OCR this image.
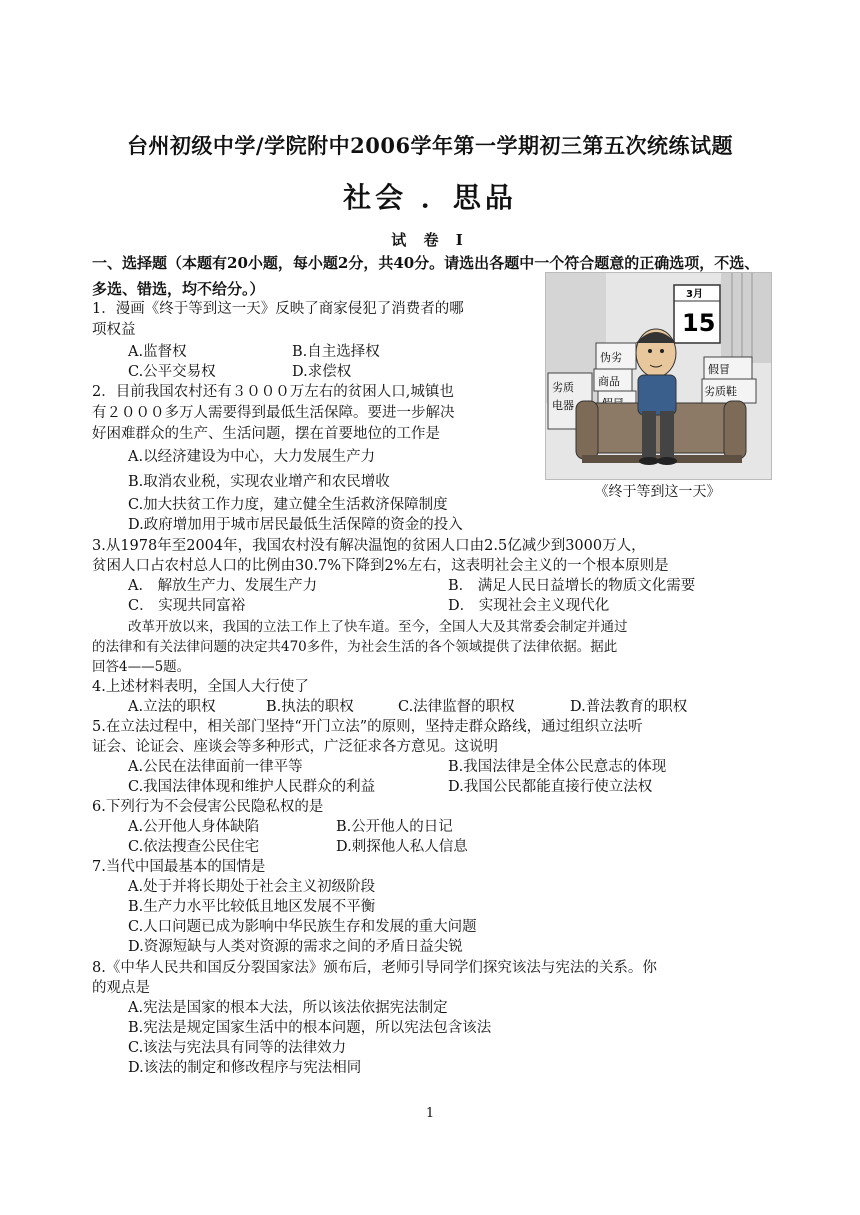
台州初级中学/学院附中2006学年第一学期初三第五次统练试题
社会 ．思品
试 卷 Ⅰ
一、选择题（本题有20小题，每小题2分，共40分。请选出各题中一个符合题意的正确选项，不选、多选、错选，均不给分。）	3月
15
伪劣
商品
劣质
电器
假冒
劣质鞋
《终于等到这一天》
1．漫画《终于等到这一天》反映了商家侵犯了消费者的哪
项权益
A.监督权	B.自主选择权
C.公平交易权	D.求偿权
2．目前我国农村还有３０００万左右的贫困人口,城镇也
有２０００多万人需要得到最低生活保障。要进一步解决
好困难群众的生产、生活问题，摆在首要地位的工作是
A.以经济建设为中心，大力发展生产力
B.取消农业税，实现农业增产和农民增收
C.加大扶贫工作力度，建立健全生活救济保障制度
D.政府增加用于城市居民最低生活保障的资金的投入
3.从1978年至2004年，我国农村没有解决温饱的贫困人口由2.5亿减少到3000万人，
贫困人口占农村总人口的比例由30.7%下降到2%左右，这表明社会主义的一个根本原则是
A． 解放生产力、发展生产力	B． 满足人民日益增长的物质文化需要
C． 实现共同富裕	D． 实现社会主义现代化
改革开放以来，我国的立法工作上了快车道。至今，全国人大及其常委会制定并通过
的法律和有关法律问题的决定共470多件，为社会生活的各个领域提供了法律依据。据此
回答4——5题。
4.上述材料表明，全国人大行使了
A.立法的职权	B.执法的职权	C.法律监督的职权	D.普法教育的职权
5.在立法过程中，相关部门坚持“开门立法”的原则，坚持走群众路线，通过组织立法听
证会、论证会、座谈会等多种形式，广泛征求各方意见。这说明
A.公民在法律面前一律平等	B.我国法律是全体公民意志的体现
C.我国法律体现和维护人民群众的利益	D.我国公民都能直接行使立法权
6.下列行为不会侵害公民隐私权的是
A.公开他人身体缺陷	B.公开他人的日记
C.依法搜查公民住宅	D.刺探他人私人信息
7.当代中国最基本的国情是
A.处于并将长期处于社会主义初级阶段
B.生产力水平比较低且地区发展不平衡
C.人口问题已成为影响中华民族生存和发展的重大问题
D.资源短缺与人类对资源的需求之间的矛盾日益尖锐
8.《中华人民共和国反分裂国家法》颁布后，老师引导同学们探究该法与宪法的关系。你
的观点是
A.宪法是国家的根本大法，所以该法依据宪法制定
B.宪法是规定国家生活中的根本问题，所以宪法包含该法
C.该法与宪法具有同等的法律效力
D.该法的制定和修改程序与宪法相同
1
